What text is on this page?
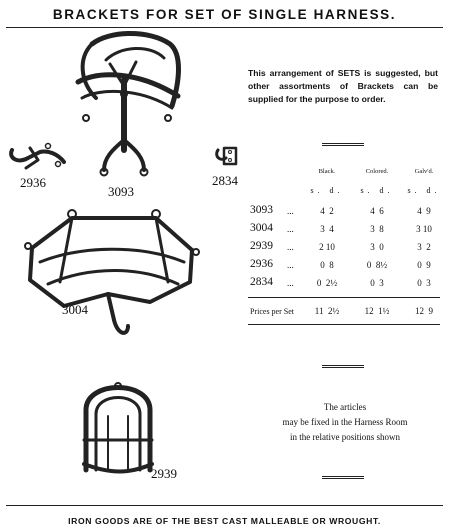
BRACKETS FOR SET OF SINGLE HARNESS.
This arrangement of SETS is suggested, but other assortments of Brackets can be supplied for the purpose to order.
2936
3093
2834
3004
2939
Black.	Colored.	Galv'd.
s. d.	s. d.	s. d.
3093 ...	4  2	4  6	4  9
3004 ...	3  4	3  8	3 10
2939 ...	2 10	3  0	3  2
2936 ...	0  8	0  8½	0  9
2834 ...	0  2½	0  3	0  3
Prices per Set	11  2½	12  1½	12  9
The articles
may be fixed in the Harness Room
in the relative positions shown
IRON GOODS ARE OF THE BEST CAST MALLEABLE OR WROUGHT.
